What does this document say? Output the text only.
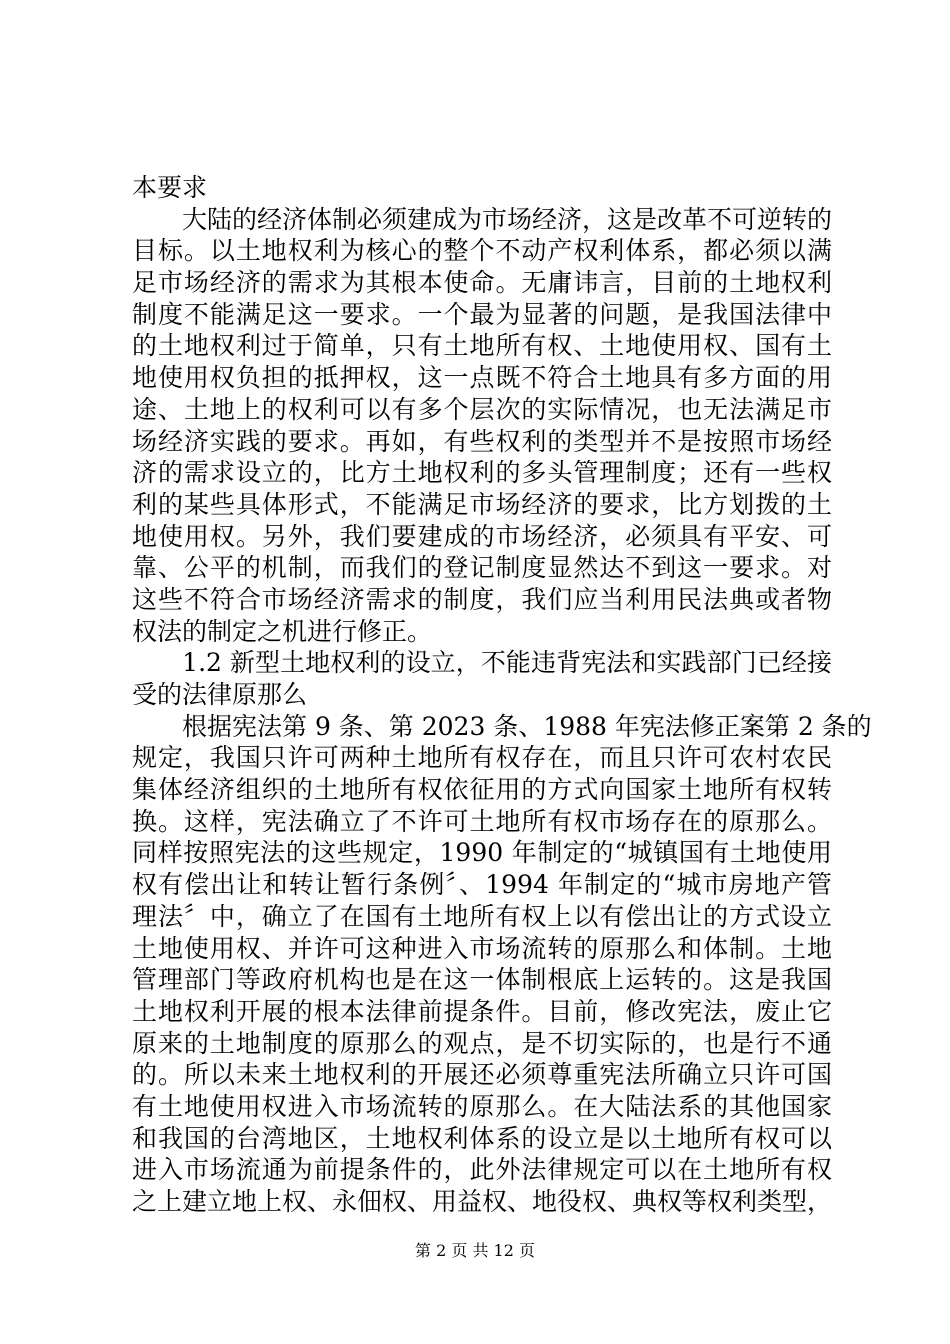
本要求
　　大陆的经济体制必须建成为市场经济，这是改革不可逆转的
目标。以土地权利为核心的整个不动产权利体系，都必须以满
足市场经济的需求为其根本使命。无庸讳言，目前的土地权利
制度不能满足这一要求。一个最为显著的问题，是我国法律中
的土地权利过于简单，只有土地所有权、土地使用权、国有土
地使用权负担的抵押权，这一点既不符合土地具有多方面的用
途、土地上的权利可以有多个层次的实际情况，也无法满足市
场经济实践的要求。再如，有些权利的类型并不是按照市场经
济的需求设立的，比方土地权利的多头管理制度；还有一些权
利的某些具体形式，不能满足市场经济的要求，比方划拨的土
地使用权。另外，我们要建成的市场经济，必须具有平安、可
靠、公平的机制，而我们的登记制度显然达不到这一要求。对
这些不符合市场经济需求的制度，我们应当利用民法典或者物
权法的制定之机进行修正。
　　1.2 新型土地权利的设立，不能违背宪法和实践部门已经接
受的法律原那么
　　根据宪法第 9 条、第 2023 条、1988 年宪法修正案第 2 条的
规定，我国只许可两种土地所有权存在，而且只许可农村农民
集体经济组织的土地所有权依征用的方式向国家土地所有权转
换。这样，宪法确立了不许可土地所有权市场存在的原那么。
同样按照宪法的这些规定，1990 年制定的“城镇国有土地使用
权有偿出让和转让暂行条例〞、1994 年制定的“城市房地产管
理法〞中，确立了在国有土地所有权上以有偿出让的方式设立
土地使用权、并许可这种进入市场流转的原那么和体制。土地
管理部门等政府机构也是在这一体制根底上运转的。这是我国
土地权利开展的根本法律前提条件。目前，修改宪法，废止它
原来的土地制度的原那么的观点，是不切实际的，也是行不通
的。所以未来土地权利的开展还必须尊重宪法所确立只许可国
有土地使用权进入市场流转的原那么。在大陆法系的其他国家
和我国的台湾地区，土地权利体系的设立是以土地所有权可以
进入市场流通为前提条件的，此外法律规定可以在土地所有权
之上建立地上权、永佃权、用益权、地役权、典权等权利类型，
第 2 页 共 12 页
